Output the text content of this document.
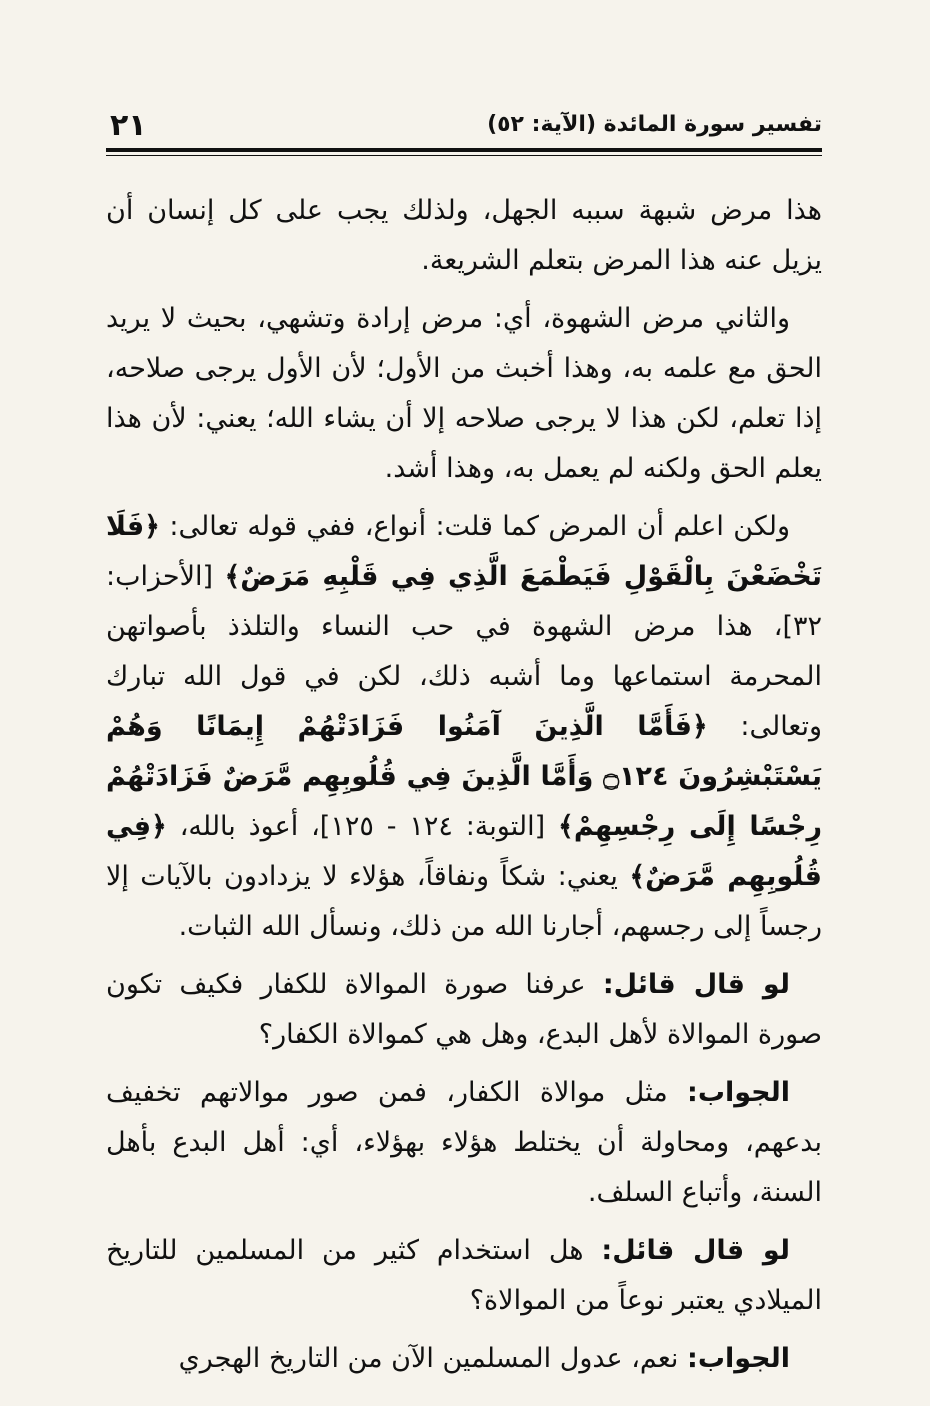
تفسير سورة المائدة (الآية: ٥٢)
٢١

هذا مرض شبهة سببه الجهل، ولذلك يجب على كل إنسان أن يزيل عنه هذا المرض بتعلم الشريعة.

والثاني مرض الشهوة، أي: مرض إرادة وتشهي، بحيث لا يريد الحق مع علمه به، وهذا أخبث من الأول؛ لأن الأول يرجى صلاحه، إذا تعلم، لكن هذا لا يرجى صلاحه إلا أن يشاء الله؛ يعني: لأن هذا يعلم الحق ولكنه لم يعمل به، وهذا أشد.

ولكن اعلم أن المرض كما قلت: أنواع، ففي قوله تعالى: ﴿فَلَا تَخْضَعْنَ بِالْقَوْلِ فَيَطْمَعَ الَّذِي فِي قَلْبِهِ مَرَضٌ﴾ [الأحزاب: ٣٢]، هذا مرض الشهوة في حب النساء والتلذذ بأصواتهن المحرمة استماعها وما أشبه ذلك، لكن في قول الله تبارك وتعالى: ﴿فَأَمَّا الَّذِينَ آمَنُوا فَزَادَتْهُمْ إِيمَانًا وَهُمْ يَسْتَبْشِرُونَ ۝١٢٤ وَأَمَّا الَّذِينَ فِي قُلُوبِهِم مَّرَضٌ فَزَادَتْهُمْ رِجْسًا إِلَى رِجْسِهِمْ﴾ [التوبة: ١٢٤ - ١٢٥]، أعوذ بالله، ﴿فِي قُلُوبِهِم مَّرَضٌ﴾ يعني: شكاً ونفاقاً، هؤلاء لا يزدادون بالآيات إلا رجساً إلى رجسهم، أجارنا الله من ذلك، ونسأل الله الثبات.

لو قال قائل: عرفنا صورة الموالاة للكفار فكيف تكون صورة الموالاة لأهل البدع، وهل هي كموالاة الكفار؟

الجواب: مثل موالاة الكفار، فمن صور موالاتهم تخفيف بدعهم، ومحاولة أن يختلط هؤلاء بهؤلاء، أي: أهل البدع بأهل السنة، وأتباع السلف.

لو قال قائل: هل استخدام كثير من المسلمين للتاريخ الميلادي يعتبر نوعاً من الموالاة؟

الجواب: نعم، عدول المسلمين الآن من التاريخ الهجري
